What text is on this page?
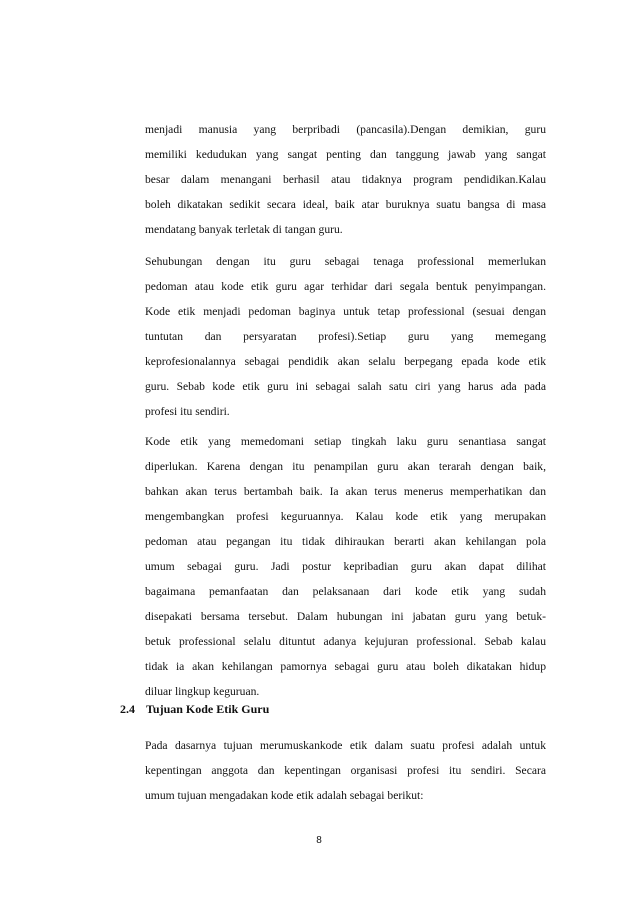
menjadi manusia yang berpribadi (pancasila).Dengan demikian, guru
memiliki kedudukan yang sangat penting dan tanggung jawab yang sangat
besar dalam menangani berhasil atau tidaknya program pendidikan.Kalau
boleh dikatakan sedikit secara ideal, baik atar buruknya suatu bangsa di masa
mendatang banyak terletak di tangan guru.
Sehubungan dengan itu guru sebagai tenaga professional memerlukan
pedoman atau kode etik guru agar terhidar dari segala bentuk penyimpangan.
Kode etik menjadi pedoman baginya untuk tetap professional (sesuai dengan
tuntutan dan persyaratan profesi).Setiap guru yang memegang
keprofesionalannya sebagai pendidik akan selalu berpegang epada kode etik
guru. Sebab kode etik guru ini sebagai salah satu ciri yang harus ada pada
profesi itu sendiri.
Kode etik yang memedomani setiap tingkah laku guru senantiasa sangat
diperlukan. Karena dengan itu penampilan guru akan terarah dengan baik,
bahkan akan terus bertambah baik. Ia akan terus menerus memperhatikan dan
mengembangkan profesi keguruannya. Kalau kode etik yang merupakan
pedoman atau pegangan itu tidak dihiraukan berarti akan kehilangan pola
umum sebagai guru. Jadi postur kepribadian guru akan dapat dilihat
bagaimana pemanfaatan dan pelaksanaan dari kode etik yang sudah
disepakati bersama tersebut. Dalam hubungan ini jabatan guru yang betuk-
betuk professional selalu dituntut adanya kejujuran professional. Sebab kalau
tidak ia akan kehilangan pamornya sebagai guru atau boleh dikatakan hidup
diluar lingkup keguruan.
2.4 Tujuan Kode Etik Guru
Pada dasarnya tujuan merumuskankode etik dalam suatu profesi adalah untuk
kepentingan anggota dan kepentingan organisasi profesi itu sendiri. Secara
umum tujuan mengadakan kode etik adalah sebagai berikut:
8
